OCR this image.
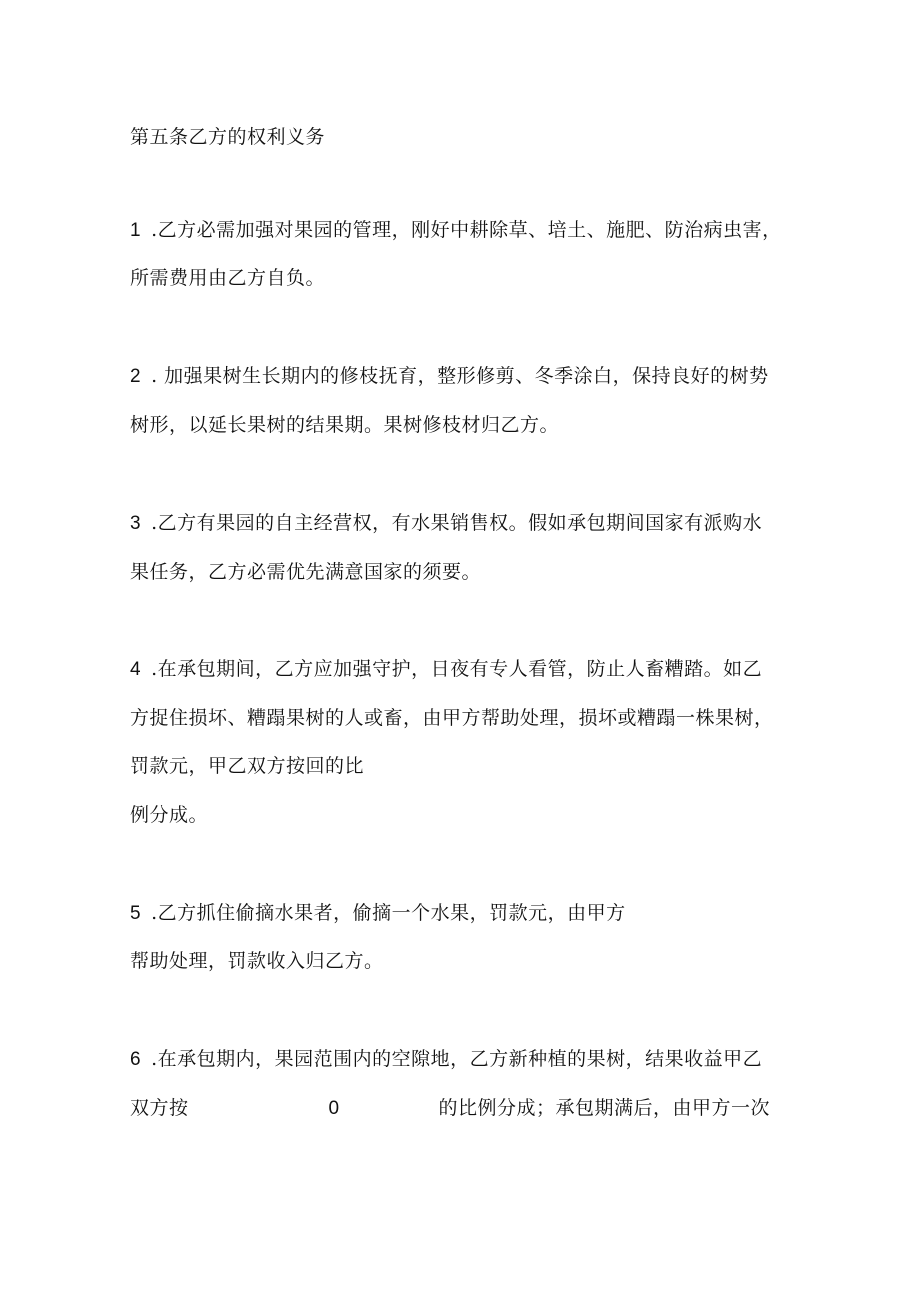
第五条乙方的权利义务
1 .乙方必需加强对果园的管理，刚好中耕除草、培土、施肥、防治病虫害，
所需费用由乙方自负。
2 . 加强果树生长期内的修枝抚育，整形修剪、冬季涂白，保持良好的树势
树形，以延长果树的结果期。果树修枝材归乙方。
3 .乙方有果园的自主经营权，有水果销售权。假如承包期间国家有派购水
果任务，乙方必需优先满意国家的须要。
4 .在承包期间，乙方应加强守护，日夜有专人看管，防止人畜糟踏。如乙
方捉住损坏、糟蹋果树的人或畜，由甲方帮助处理，损坏或糟蹋一株果树，
罚款元，甲乙双方按回的比
例分成。
5 .乙方抓住偷摘水果者，偷摘一个水果，罚款元，由甲方
帮助处理，罚款收入归乙方。
6 .在承包期内，果园范围内的空隙地，乙方新种植的果树，结果收益甲乙
双方按	0	的比例分成；承包期满后，由甲方一次
